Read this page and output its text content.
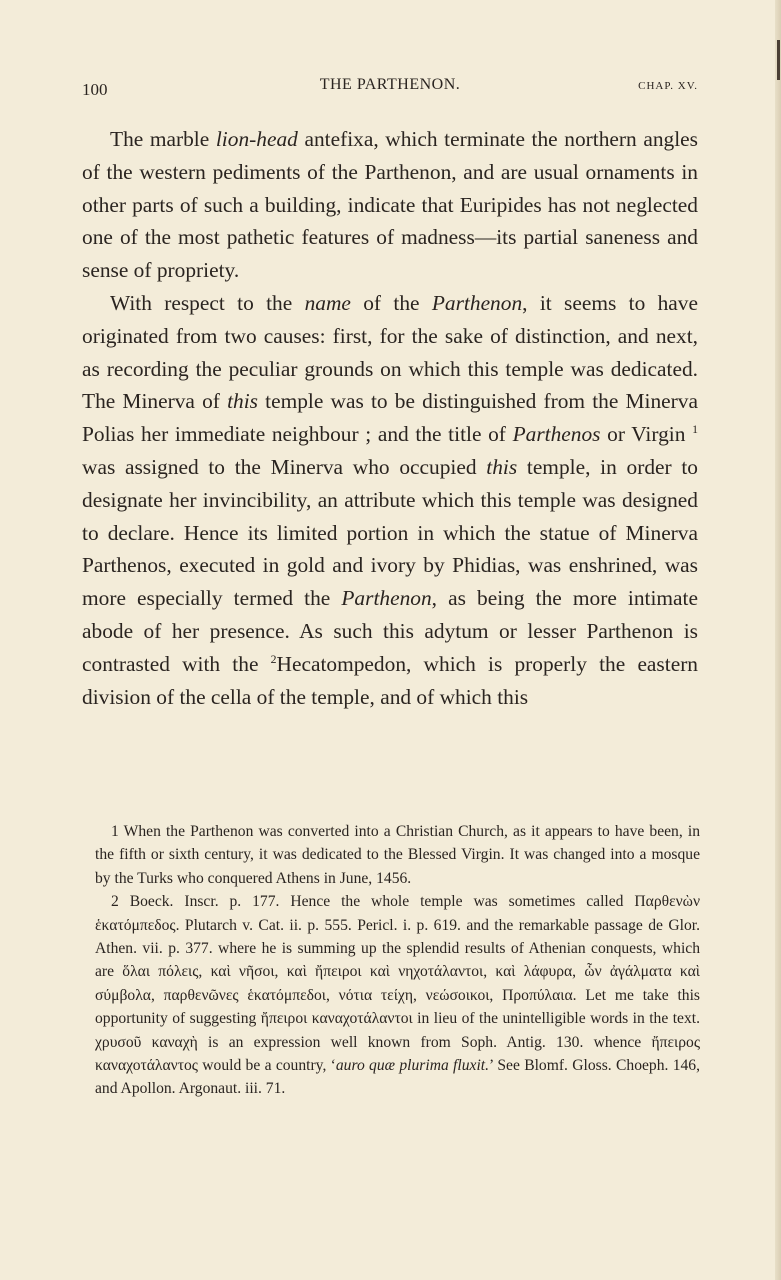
100	THE PARTHENON.	CHAP. XV.

The marble lion-head antefixa, which terminate the northern angles of the western pediments of the Parthenon, and are usual ornaments in other parts of such a building, indicate that Euripides has not neglected one of the most pathetic features of madness—its partial saneness and sense of propriety.

With respect to the name of the Parthenon, it seems to have originated from two causes: first, for the sake of distinction, and next, as recording the peculiar grounds on which this temple was dedicated. The Minerva of this temple was to be distinguished from the Minerva Polias her immediate neighbour ; and the title of Parthenos or Virgin $^1$ was assigned to the Minerva who occupied this temple, in order to designate her invincibility, an attribute which this temple was designed to declare. Hence its limited portion in which the statue of Minerva Parthenos, executed in gold and ivory by Phidias, was enshrined, was more especially termed the Parthenon, as being the more intimate abode of her presence. As such this adytum or lesser Parthenon is contrasted with the $^2$Hecatompedon, which is properly the eastern division of the cella of the temple, and of which this

1 When the Parthenon was converted into a Christian Church, as it appears to have been, in the fifth or sixth century, it was dedicated to the Blessed Virgin. It was changed into a mosque by the Turks who conquered Athens in June, 1456.

2 Boeck. Inscr. p. 177. Hence the whole temple was sometimes called Παρθενὼν ἑκατόμπεδος. Plutarch v. Cat. ii. p. 555. Pericl. i. p. 619. and the remarkable passage de Glor. Athen. vii. p. 377. where he is summing up the splendid results of Athenian conquests, which are ὅλαι πόλεις, καὶ νῆσοι, καὶ ἤπειροι καὶ νηχοτάλαντοι, καὶ λάφυρα, ὧν ἀγάλματα καὶ σύμβολα, παρθενῶνες ἑκατόμπεδοι, νότια τείχη, νεώσοικοι, Προπύλαια. Let me take this opportunity of suggesting ἤπειροι καναχοτάλαντοι in lieu of the unintelligible words in the text. χρυσοῦ καναχὴ is an expression well known from Soph. Antig. 130. whence ἤπειρος καναχοτάλαντος would be a country, ‘auro quæ plurima fluxit.’ See Blomf. Gloss. Choeph. 146, and Apollon. Argonaut. iii. 71.
